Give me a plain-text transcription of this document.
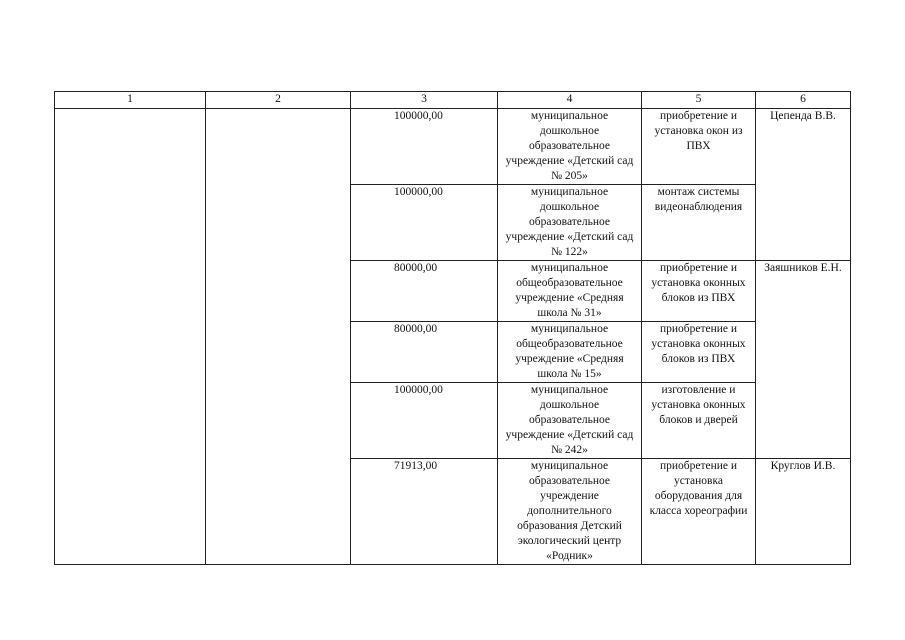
1	2	3	4	5	6

		100000,00	муниципальное дошкольное образовательное учреждение «Детский сад № 205»	приобретение и установка окон из ПВХ	Цепенда В.В.

		100000,00	муниципальное дошкольное образовательное учреждение «Детский сад № 122»	монтаж системы видеонаблюдения	

		80000,00	муниципальное общеобразовательное учреждение «Средняя школа № 31»	приобретение и установка оконных блоков из ПВХ	Заяшников Е.Н.

		80000,00	муниципальное общеобразовательное учреждение «Средняя школа № 15»	приобретение и установка оконных блоков из ПВХ	

		100000,00	муниципальное дошкольное образовательное учреждение «Детский сад № 242»	изготовление и установка оконных блоков и дверей	

		71913,00	муниципальное образовательное учреждение дополнительного образования Детский экологический центр «Родник»	приобретение и установка оборудования для класса хореографии	Круглов И.В.
